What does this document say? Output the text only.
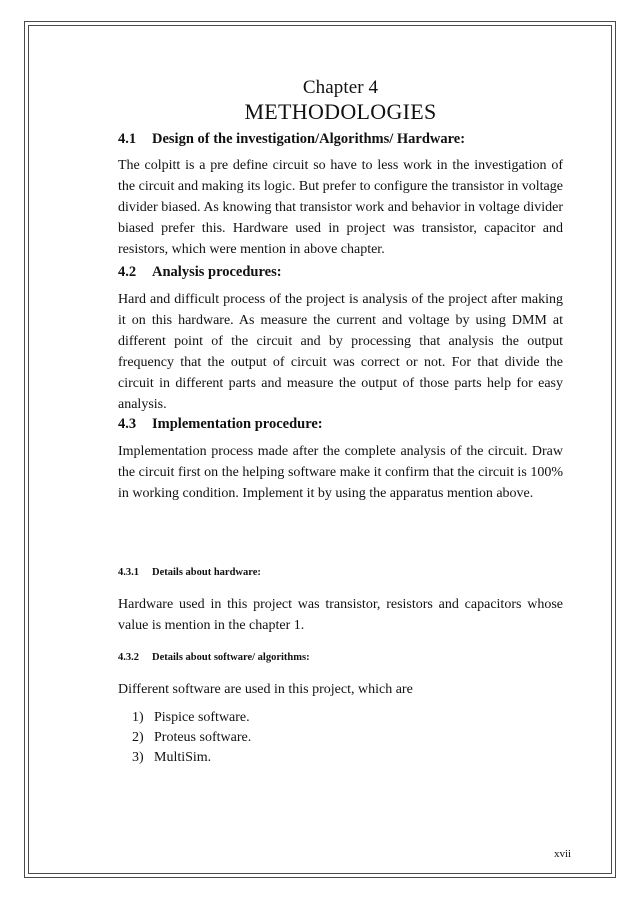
Chapter 4
METHODOLOGIES
4.1 Design of the investigation/Algorithms/ Hardware:
The colpitt is a pre define circuit so have to less work in the investigation of the circuit and making its logic. But prefer to configure the transistor in voltage divider biased. As knowing that transistor work and behavior in voltage divider biased prefer this. Hardware used in project was transistor, capacitor and resistors, which were mention in above chapter.
4.2 Analysis procedures:
Hard and difficult process of the project is analysis of the project after making it on this hardware. As measure the current and voltage by using DMM at different point of the circuit and by processing that analysis the output frequency that the output of circuit was correct or not. For that divide the circuit in different parts and measure the output of those parts help for easy analysis.
4.3 Implementation procedure:
Implementation process made after the complete analysis of the circuit. Draw the circuit first on the helping software make it confirm that the circuit is 100% in working condition. Implement it by using the apparatus mention above.
4.3.1 Details about hardware:
Hardware used in this project was transistor, resistors and capacitors whose value is mention in the chapter 1.
4.3.2 Details about software/ algorithms:
Different software are used in this project, which are
1) Pispice software.
2) Proteus software.
3) MultiSim.
xvii
